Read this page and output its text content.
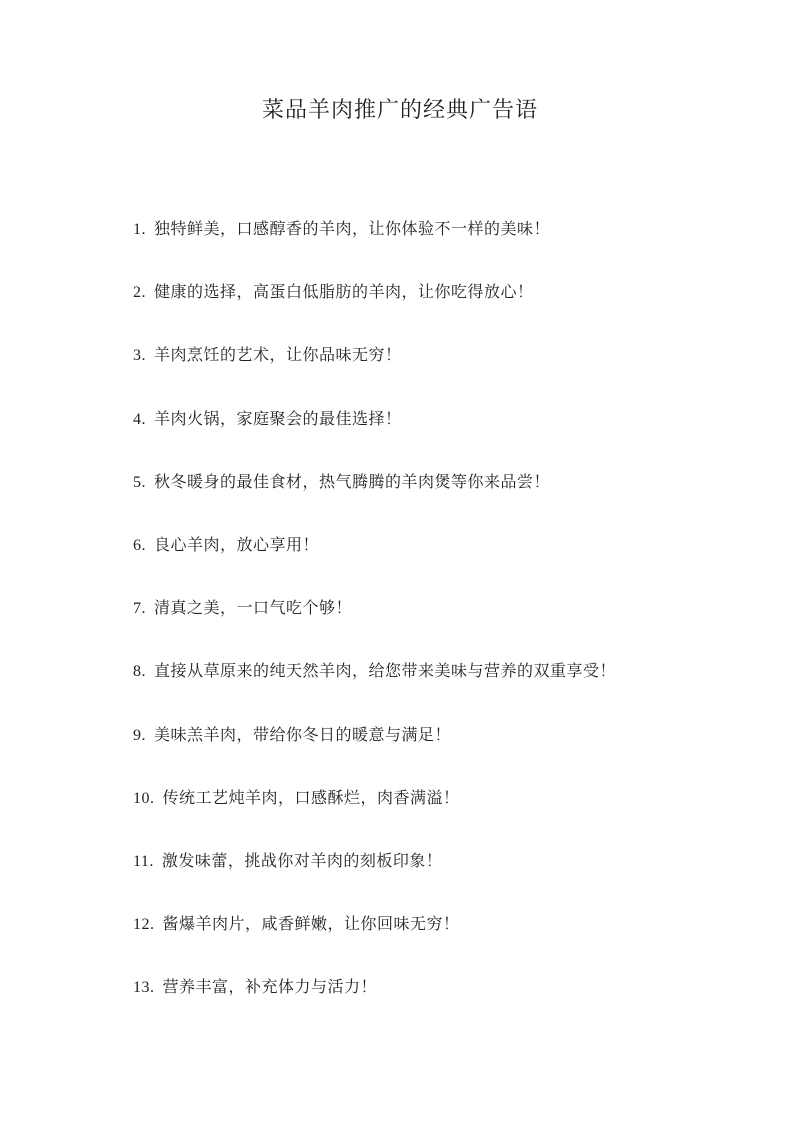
菜品羊肉推广的经典广告语
1. 独特鲜美，口感醇香的羊肉，让你体验不一样的美味！
2. 健康的选择，高蛋白低脂肪的羊肉，让你吃得放心！
3. 羊肉烹饪的艺术，让你品味无穷！
4. 羊肉火锅，家庭聚会的最佳选择！
5. 秋冬暖身的最佳食材，热气腾腾的羊肉煲等你来品尝！
6. 良心羊肉，放心享用！
7. 清真之美，一口气吃个够！
8. 直接从草原来的纯天然羊肉，给您带来美味与营养的双重享受！
9. 美味羔羊肉，带给你冬日的暖意与满足！
10. 传统工艺炖羊肉，口感酥烂，肉香满溢！
11. 激发味蕾，挑战你对羊肉的刻板印象！
12. 酱爆羊肉片，咸香鲜嫩，让你回味无穷！
13. 营养丰富，补充体力与活力！
